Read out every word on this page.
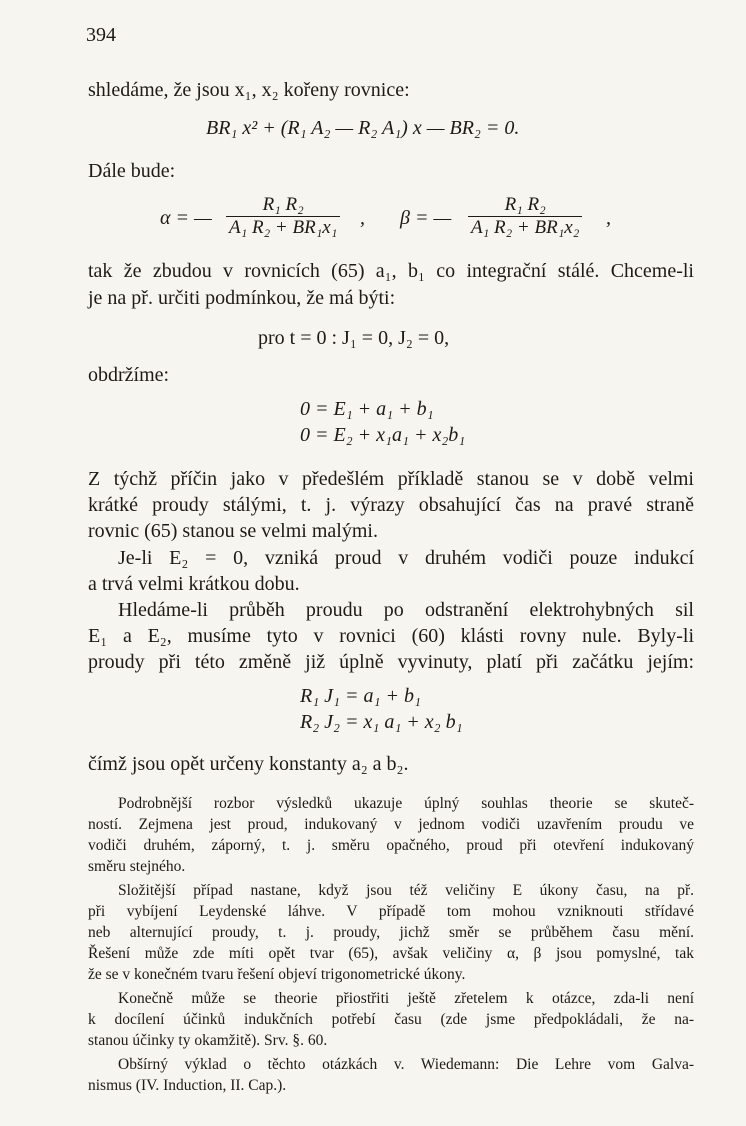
394
shledáme, že jsou x₁, x₂ kořeny rovnice:
BR₁ x² + (R₁ A₂ — R₂ A₁) x — BR₂ = 0.
Dále bude:
α = — $\frac{\text{R₁ R₂}}{\text{A₁ R₂ + BR₁x₁}}$ , β = — $\frac{\text{R₁ R₂}}{\text{A₁ R₂ + BR₁x₂}}$ ,
tak že zbudou v rovnicích (65) a₁, b₁ co integrační stálé. Chceme-li
je na př. určiti podmínkou, že má býti:
pro t = 0 : J₁ = 0, J₂ = 0,
obdržíme:
0 = E₁ + a₁ + b₁
0 = E₂ + x₁a₁ + x₂b₁
Z týchž příčin jako v předešlém příkladě stanou se v době velmi
krátké proudy stálými, t. j. výrazy obsahující čas na pravé straně
rovnic (65) stanou se velmi malými.
Je-li E₂ = 0, vzniká proud v druhém vodiči pouze indukcí
a trvá velmi krátkou dobu.
Hledáme-li průběh proudu po odstranění elektrohybných sil
E₁ a E₂, musíme tyto v rovnici (60) klásti rovny nule. Byly-li
proudy při této změně již úplně vyvinuty, platí při začátku jejím:
R₁ J₁ = a₁ + b₁
R₂ J₂ = x₁ a₁ + x₂ b₁
čímž jsou opět určeny konstanty a₂ a b₂.
Podrobnější rozbor výsledků ukazuje úplný souhlas theorie se skuteč-
ností. Zejmena jest proud, indukovaný v jednom vodiči uzavřením proudu ve
vodiči druhém, záporný, t. j. směru opačného, proud při otevření indukovaný
směru stejného.
Složitější případ nastane, když jsou též veličiny E úkony času, na př.
při vybíjení Leydenské láhve. V případě tom mohou vzniknouti střídavé
neb alternující proudy, t. j. proudy, jichž směr se průběhem času mění.
Řešení může zde míti opět tvar (65), avšak veličiny α, β jsou pomyslné, tak
že se v konečném tvaru řešení objeví trigonometrické úkony.
Konečně může se theorie přiostřiti ještě zřetelem k otázce, zda-li není
k docílení účinků indukčních potřebí času (zde jsme předpokládali, že na-
stanou účinky ty okamžitě). Srv. §. 60.
Obšírný výklad o těchto otázkách v. Wiedemann: Die Lehre vom Galva-
nismus (IV. Induction, II. Cap.).
